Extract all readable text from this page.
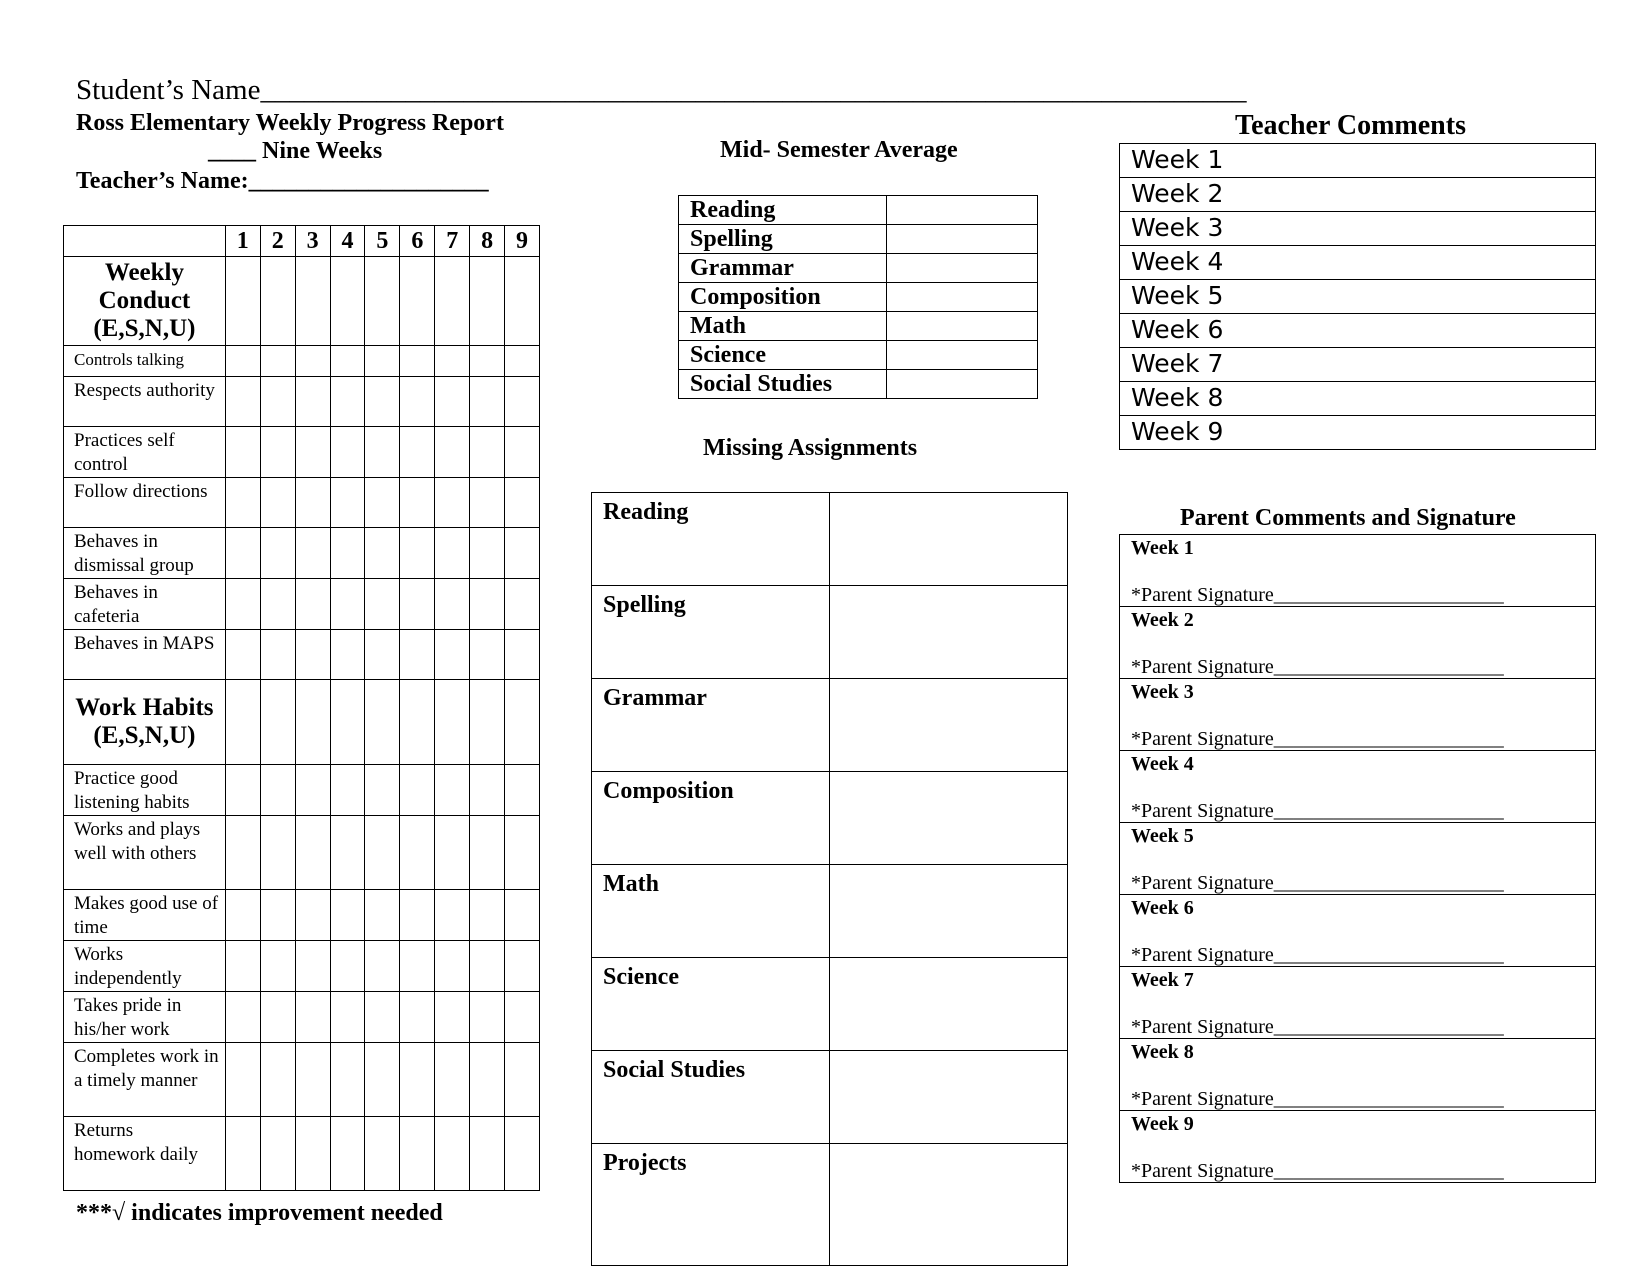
Student’s Name____________________________________________________________________
Ross Elementary Weekly Progress Report
____ Nine Weeks
Teacher’s Name:____________________
	1	2	3	4	5	6	7	8	9
Weekly Conduct (E,S,N,U)									
Controls talking									
Respects authority									
Practices self control									
Follow directions									
Behaves in dismissal group									
Behaves in cafeteria									
Behaves in MAPS									
Work Habits (E,S,N,U)									
Practice good listening habits									
Works and plays well with others									
Makes good use of time									
Works independently									
Takes pride in his/her work									
Completes work in a timely manner									
Returns homework daily									
***√ indicates improvement needed
Mid- Semester Average
Reading	
Spelling	
Grammar	
Composition	
Math	
Science	
Social Studies	
Missing Assignments
Reading	
Spelling	
Grammar	
Composition	
Math	
Science	
Social Studies	
Projects	
Teacher Comments
Week 1
Week 2
Week 3
Week 4
Week 5
Week 6
Week 7
Week 8
Week 9
Parent Comments and Signature
Week 1
*Parent Signature_______________________

Week 2
*Parent Signature_______________________

Week 3
*Parent Signature_______________________

Week 4
*Parent Signature_______________________

Week 5
*Parent Signature_______________________

Week 6
*Parent Signature_______________________

Week 7
*Parent Signature_______________________

Week 8
*Parent Signature_______________________

Week 9
*Parent Signature_______________________
